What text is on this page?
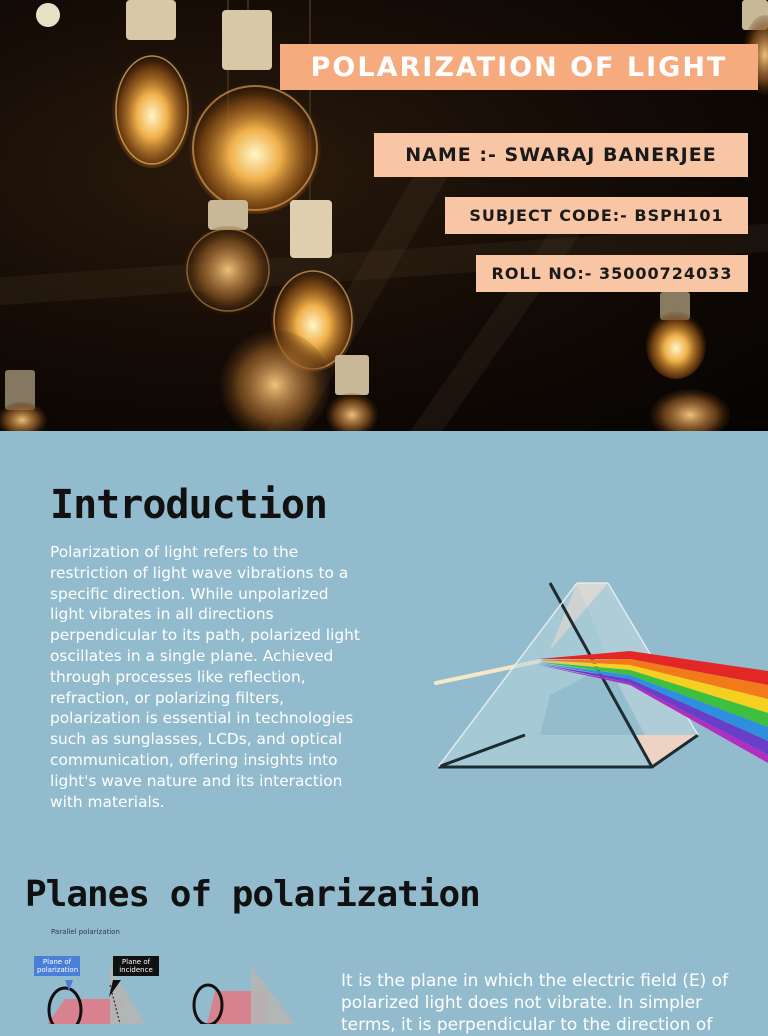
POLARIZATION OF LIGHT
NAME :- SWARAJ BANERJEE
SUBJECT CODE:- BSPH101
ROLL NO:- 35000724033
Introduction

Polarization of light refers to the restriction of light wave vibrations to a specific direction. While unpolarized light vibrates in all directions perpendicular to its path, polarized light oscillates in a single plane. Achieved through processes like reflection, refraction, or polarizing filters, polarization is essential in technologies such as sunglasses, LCDs, and optical communication, offering insights into light's wave nature and its interaction with materials.

Planes of polarization
Parallel polarization
Plane of polarization
Plane of incidence

It is the plane in which the electric field (E) of polarized light does not vibrate. In simpler terms, it is perpendicular to the direction of
